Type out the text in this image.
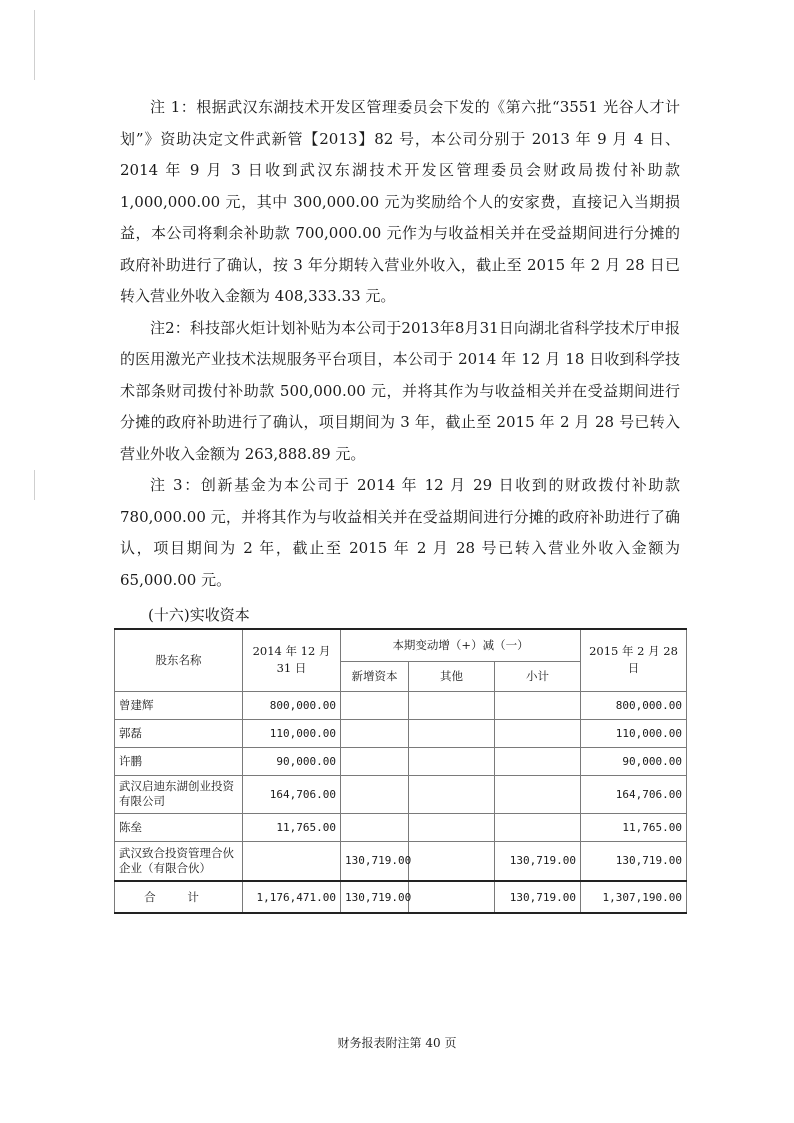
注 1：根据武汉东湖技术开发区管理委员会下发的《第六批“3551 光谷人才计划”》资助决定文件武新管【2013】82 号，本公司分别于 2013 年 9 月 4 日、2014 年 9 月 3 日收到武汉东湖技术开发区管理委员会财政局拨付补助款 1,000,000.00 元，其中 300,000.00 元为奖励给个人的安家费，直接记入当期损益，本公司将剩余补助款 700,000.00 元作为与收益相关并在受益期间进行分摊的政府补助进行了确认，按 3 年分期转入营业外收入，截止至 2015 年 2 月 28 日已转入营业外收入金额为 408,333.33 元。

注2：科技部火炬计划补贴为本公司于2013年8月31日向湖北省科学技术厅申报的医用激光产业技术法规服务平台项目，本公司于 2014 年 12 月 18 日收到科学技术部条财司拨付补助款 500,000.00 元，并将其作为与收益相关并在受益期间进行分摊的政府补助进行了确认，项目期间为 3 年，截止至 2015 年 2 月 28 号已转入营业外收入金额为 263,888.89 元。

注 3：创新基金为本公司于 2014 年 12 月 29 日收到的财政拨付补助款 780,000.00 元，并将其作为与收益相关并在受益期间进行分摊的政府补助进行了确认，项目期间为 2 年，截止至 2015 年 2 月 28 号已转入营业外收入金额为 65,000.00 元。

(十六)实收资本
股东名称	2014 年 12 月 31 日	本期变动增（+）减（一）			2015 年 2 月 28 日
		新增资本	其他	小计	
曾建辉	800,000.00				800,000.00
郭磊	110,000.00				110,000.00
许鹏	90,000.00				90,000.00
武汉启迪东湖创业投资有限公司	164,706.00				164,706.00
陈垒	11,765.00				11,765.00
武汉致合投资管理合伙企业（有限合伙）		130,719.00		130,719.00	130,719.00
合 计	1,176,471.00	130,719.00		130,719.00	1,307,190.00
财务报表附注第 40 页
